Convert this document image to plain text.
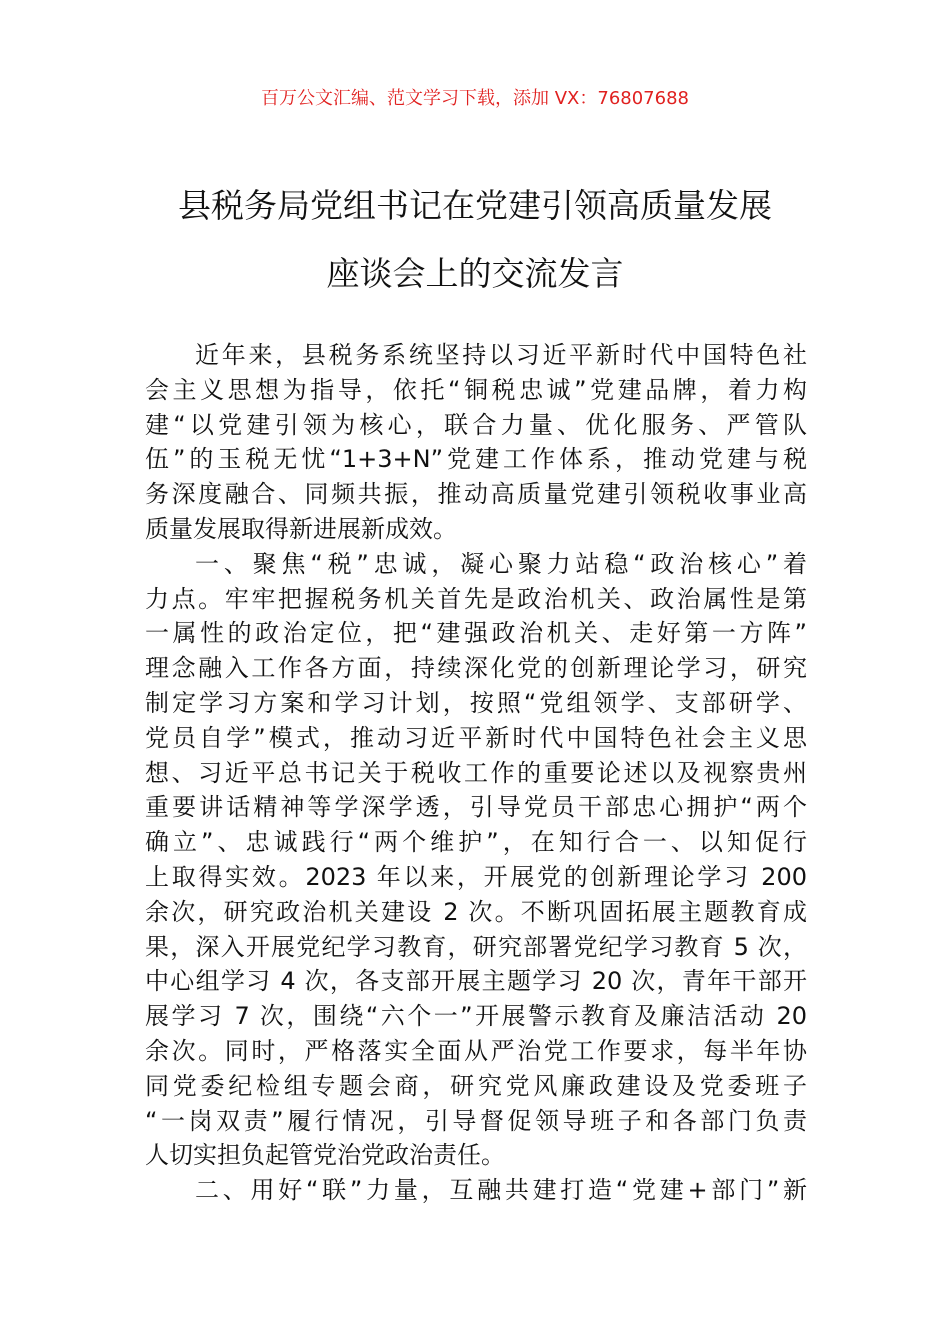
百万公文汇编、范文学习下载，添加 VX：76807688
县税务局党组书记在党建引领高质量发展
座谈会上的交流发言
近年来，县税务系统坚持以习近平新时代中国特色社
会主义思想为指导，依托“铜税忠诚”党建品牌，着力构
建“以党建引领为核心，联合力量、优化服务、严管队
伍”的玉税无忧“1+3+N”党建工作体系，推动党建与税
务深度融合、同频共振，推动高质量党建引领税收事业高
质量发展取得新进展新成效。
一、聚焦“税”忠诚，凝心聚力站稳“政治核心”着
力点。牢牢把握税务机关首先是政治机关、政治属性是第
一属性的政治定位，把“建强政治机关、走好第一方阵”
理念融入工作各方面，持续深化党的创新理论学习，研究
制定学习方案和学习计划，按照“党组领学、支部研学、
党员自学”模式，推动习近平新时代中国特色社会主义思
想、习近平总书记关于税收工作的重要论述以及视察贵州
重要讲话精神等学深学透，引导党员干部忠心拥护“两个
确立”、忠诚践行“两个维护”，在知行合一、以知促行
上取得实效。2023 年以来，开展党的创新理论学习 200
余次，研究政治机关建设 2 次。不断巩固拓展主题教育成
果，深入开展党纪学习教育，研究部署党纪学习教育 5 次，
中心组学习 4 次，各支部开展主题学习 20 次，青年干部开
展学习 7 次，围绕“六个一”开展警示教育及廉洁活动 20
余次。同时，严格落实全面从严治党工作要求，每半年协
同党委纪检组专题会商，研究党风廉政建设及党委班子
“一岗双责”履行情况，引导督促领导班子和各部门负责
人切实担负起管党治党政治责任。
二、用好“联”力量，互融共建打造“党建+部门”新
